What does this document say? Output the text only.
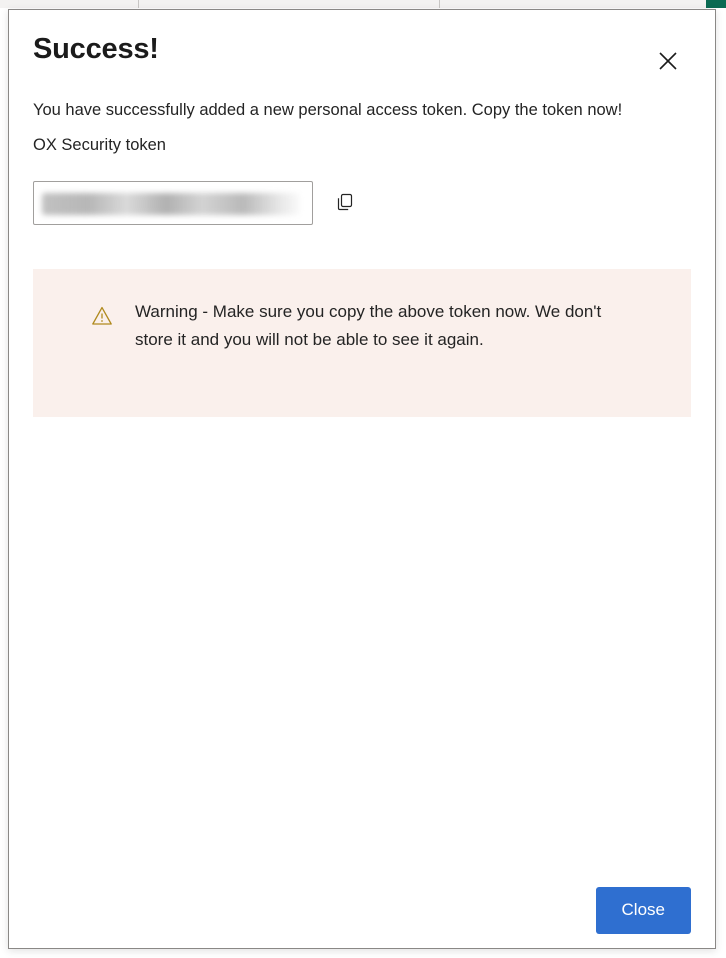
Success!
You have successfully added a new personal access token. Copy the token now!
OX Security token
Warning - Make sure you copy the above token now. We don't store it and you will not be able to see it again.
Close
